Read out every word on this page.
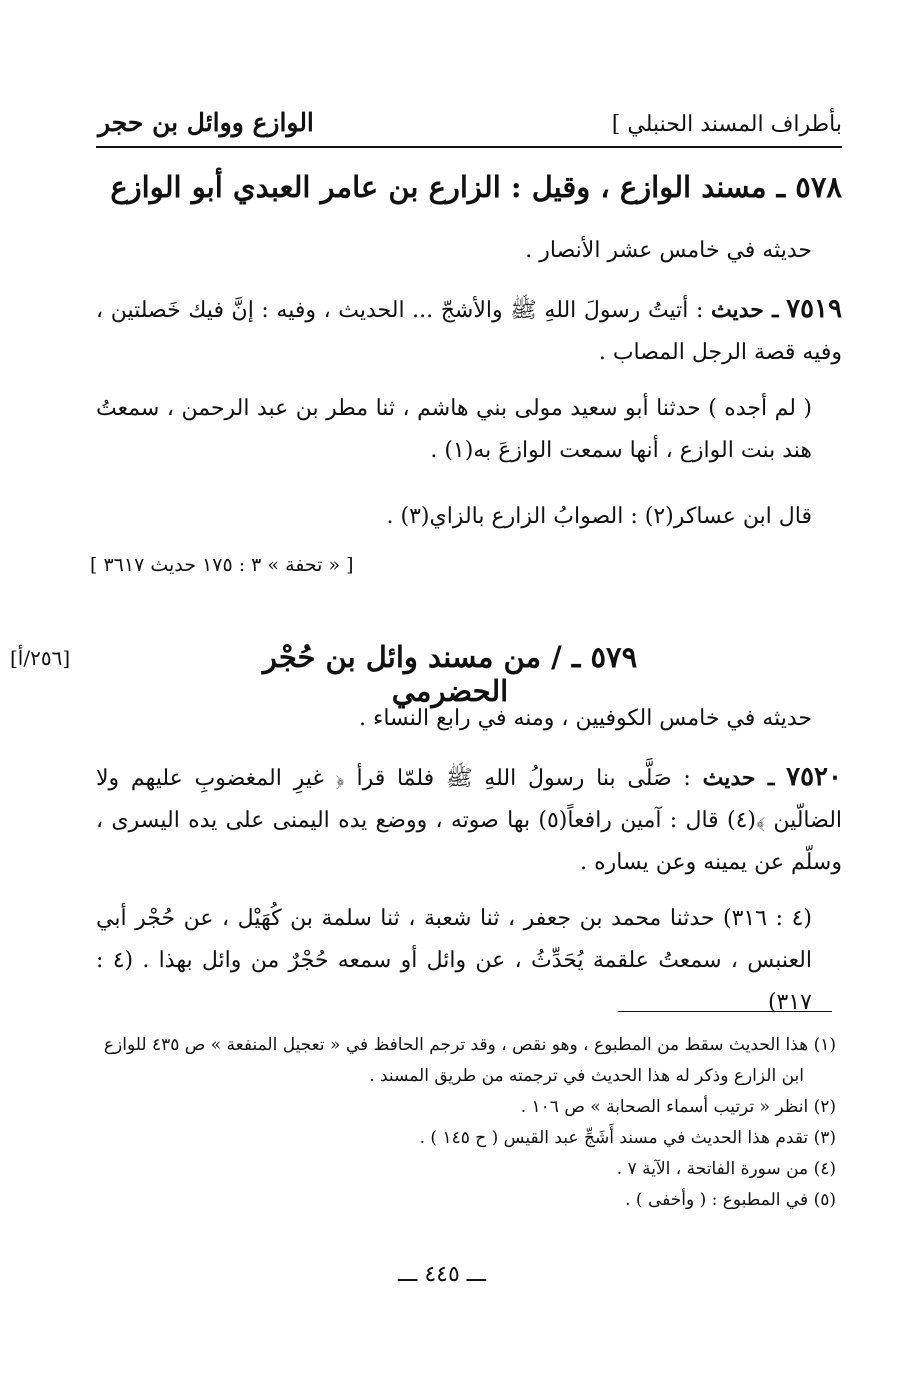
الوازع ووائل بن حجر	بأطراف المسند الحنبلي ]
٥٧٨ ـ مسند الوازع ، وقيل : الزارع بن عامر العبدي أبو الوازع
حديثه في خامس عشر الأنصار .
٧٥١٩ ـ حديث : أتيتُ رسولَ اللهِ ﷺ والأشجّ ... الحديث ، وفيه : إنَّ فيك خَصلتين ، وفيه قصة الرجل المصاب .
( لم أجده ) حدثنا أبو سعيد مولى بني هاشم ، ثنا مطر بن عبد الرحمن ، سمعتُ هند بنت الوازع ، أنها سمعت الوازعَ به(١) .
قال ابن عساكر(٢) : الصوابُ الزارع بالزاي(٣) .
[ « تحفة » ٣ : ١٧٥ حديث ٣٦١٧ ]
[٢٥٦/أ]	٥٧٩ ـ / من مسند وائل بن حُجْر الحضرمي
حديثه في خامس الكوفيين ، ومنه في رابع النساء .
٧٥٢٠ ـ حديث : صَلَّى بنا رسولُ اللهِ ﷺ فلمّا قرأ ﴿ غيرِ المغضوبِ عليهم ولا الضالّين ﴾(٤) قال : آمين رافعاً(٥) بها صوته ، ووضع يده اليمنى على يده اليسرى ، وسلّم عن يمينه وعن يساره .
(٤ : ٣١٦) حدثنا محمد بن جعفر ، ثنا شعبة ، ثنا سلمة بن كُهَيْل ، عن حُجْر أبي العنبس ، سمعتُ علقمة يُحَدِّثُ ، عن وائل أو سمعه حُجْرٌ من وائل بهذا . (٤ : ٣١٧)

(١) هذا الحديث سقط من المطبوع ، وهو نقص ، وقد ترجم الحافظ في « تعجيل المنفعة » ص ٤٣٥ للوازع

ابن الزارع وذكر له هذا الحديث في ترجمته من طريق المسند .

(٢) انظر « ترتيب أسماء الصحابة » ص ١٠٦ .

(٣) تقدم هذا الحديث في مسند أَشَجِّ عبد القيس ( ح ١٤٥ ) .

(٤) من سورة الفاتحة ، الآية ٧ .

(٥) في المطبوع : ( وأخفى ) .

ـــ ٤٤٥ ـــ
